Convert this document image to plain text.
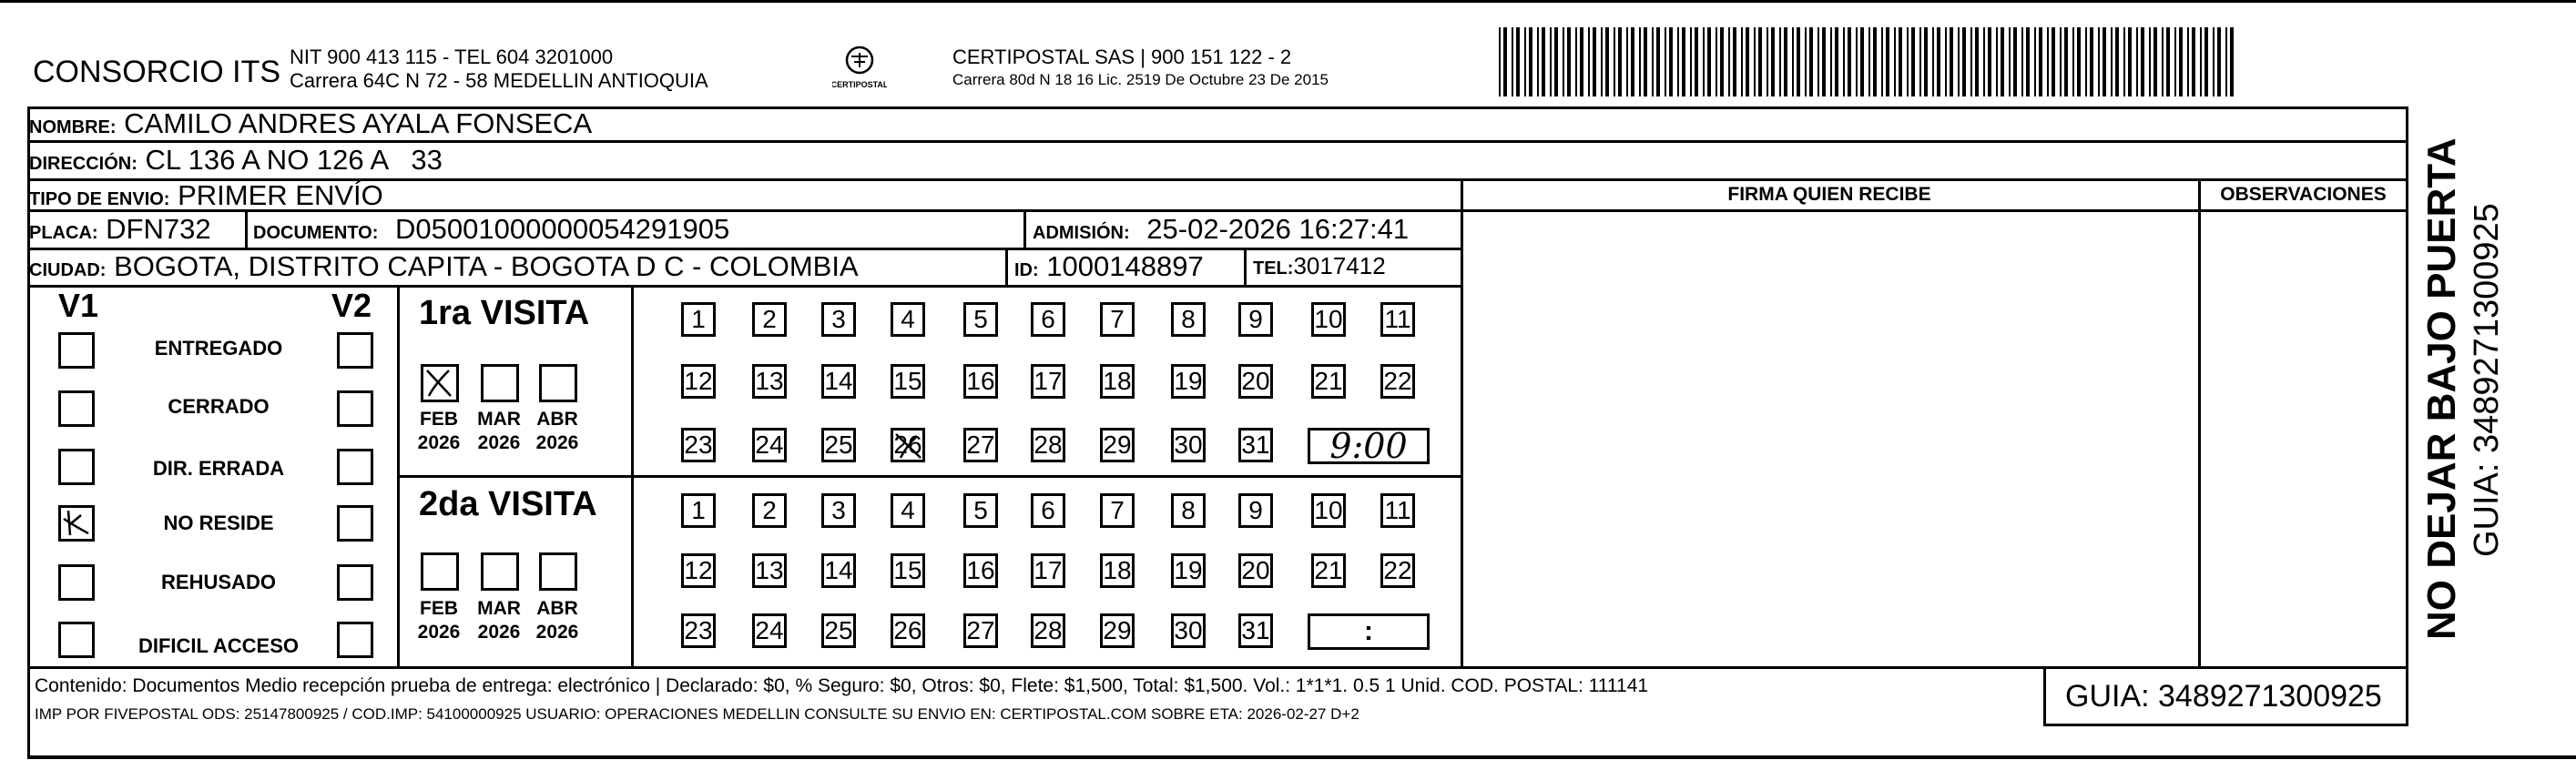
CONSORCIO ITS NIT 900 413 115 - TEL 604 3201000
Carrera 64C N 72 - 58 MEDELLIN ANTIOQUIA	CERTIPOSTAL
CERTIPOSTAL SAS | 900 151 122 - 2
Carrera 80d N 18 16 Lic. 2519 De Octubre 23 De 2015
NOMBRE: CAMILO ANDRES AYALA FONSECA
DIRECCIÓN: CL 136 A NO 126 A   33
TIPO DE ENVIO: PRIMER ENVÍO
PLACA: DFN732 DOCUMENTO: D05001000000054291905	ADMISIÓN: 25-02-2026 16:27:41
CIUDAD: BOGOTA, DISTRITO CAPITA - BOGOTA D C - COLOMBIA	ID: 1000148897	TEL:3017412
FIRMA QUIEN RECIBE	OBSERVACIONES
V1	V2
ENTREGADO
CERRADO
DIR. ERRADA
NO RESIDE
REHUSADO
DIFICIL ACCESO
1ra VISITA
2da VISITA
1	2	3	4	5	6	7	8	9	10 11
12 13 14 15 16 17 18 19 20 21 22
23 24 25 26 27 28 29 30 31 9:00
1	2	3	4	5	6	7	8	9	10 11
12 13 14 15 16 17 18 19 20 21 22
23 24 25 26 27 28 29 30 31	:
FEB
2026
MAR
2026
ABR
2026
FEB
2026
MAR
2026
ABR
2026
Contenido: Documentos Medio recepción prueba de entrega: electrónico | Declarado: $0, % Seguro: $0, Otros: $0, Flete: $1,500, Total: $1,500. Vol.: 1*1*1. 0.5 1 Unid. COD. POSTAL: 111141
IMP POR FIVEPOSTAL ODS: 25147800925 / COD.IMP: 54100000925 USUARIO: OPERACIONES MEDELLIN CONSULTE SU ENVIO EN: CERTIPOSTAL.COM SOBRE ETA: 2026-02-27 D+2
GUIA: 3489271300925
NO DEJAR BAJO PUERTA GUIA: 3489271300925
